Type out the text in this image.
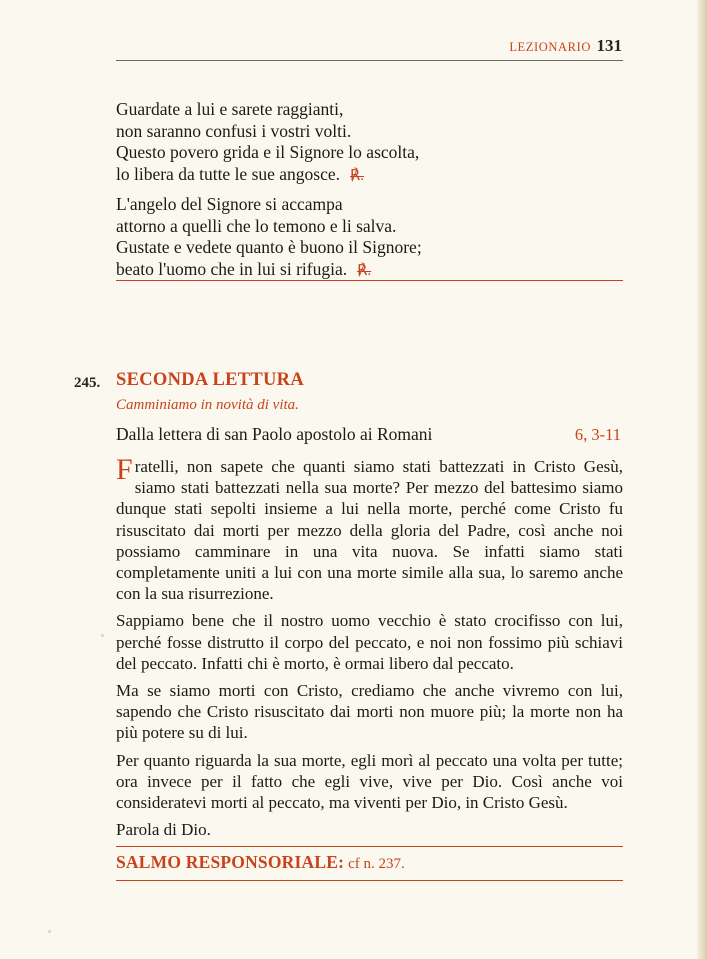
LEZIONARIO 131
Guardate a lui e sarete raggianti,
non saranno confusi i vostri volti.
Questo povero grida e il Signore lo ascolta,
lo libera da tutte le sue angosce. ℟.
L'angelo del Signore si accampa
attorno a quelli che lo temono e li salva.
Gustate e vedete quanto è buono il Signore;
beato l'uomo che in lui si rifugia. ℟.
245. SECONDA LETTURA
Camminiamo in novità di vita.
Dalla lettera di san Paolo apostolo ai Romani	6, 3-11

Fratelli, non sapete che quanti siamo stati battezzati in Cristo Gesù, siamo stati battezzati nella sua morte? Per mezzo del battesimo siamo dunque stati sepolti insieme a lui nella morte, perché come Cristo fu risuscitato dai morti per mezzo della gloria del Padre, così anche noi possiamo camminare in una vita nuova. Se infatti siamo stati completamente uniti a lui con una morte simile alla sua, lo saremo anche con la sua risurrezione.

Sappiamo bene che il nostro uomo vecchio è stato crocifisso con lui, perché fosse distrutto il corpo del peccato, e noi non fossimo più schiavi del peccato. Infatti chi è morto, è ormai libero dal peccato.

Ma se siamo morti con Cristo, crediamo che anche vivremo con lui, sapendo che Cristo risuscitato dai morti non muore più; la morte non ha più potere su di lui.

Per quanto riguarda la sua morte, egli morì al peccato una volta per tutte; ora invece per il fatto che egli vive, vive per Dio. Così anche voi consideratevi morti al peccato, ma viventi per Dio, in Cristo Gesù.

Parola di Dio.

SALMO RESPONSORIALE: cf n. 237.
